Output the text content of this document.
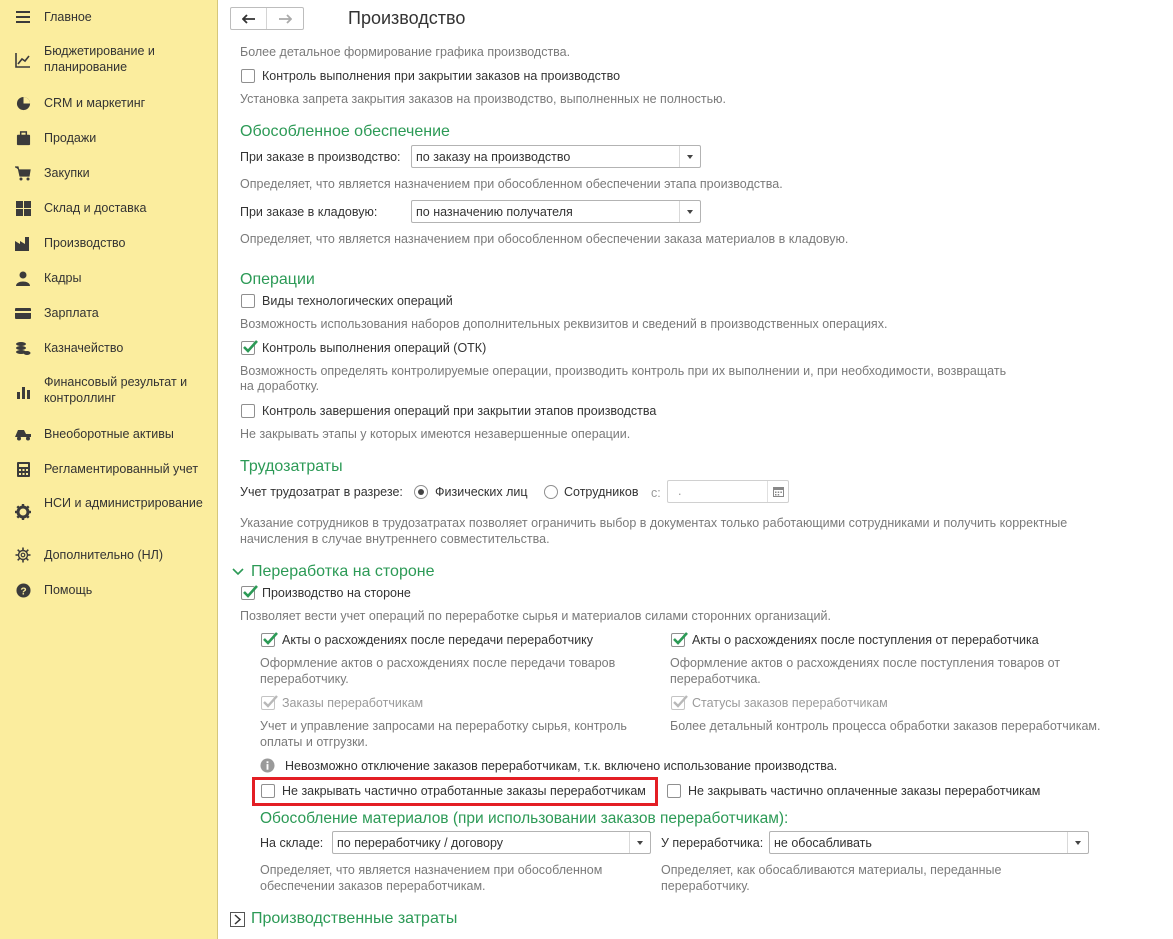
Главное
Бюджетирование и планирование
CRM и маркетинг
Продажи
Закупки
Склад и доставка
Производство
Кадры
Зарплата
Казначейство
Финансовый результат и контроллинг
Внеоборотные активы
Регламентированный учет
НСИ и администрирование
Дополнительно (НЛ)
? Помощь
Производство
Более детальное формирование графика производства.
Контроль выполнения при закрытии заказов на производство
Установка запрета закрытия заказов на производство, выполненных не полностью.
Обособленное обеспечение
При заказе в производство: по заказу на производство
Определяет, что является назначением при обособленном обеспечении этапа производства.
При заказе в кладовую:	по назначению получателя
Определяет, что является назначением при обособленном обеспечении заказа материалов в кладовую.
Операции
Виды технологических операций
Возможность использования наборов дополнительных реквизитов и сведений в производственных операциях.
Контроль выполнения операций (ОТК)
Возможность определять контролируемые операции, производить контроль при их выполнении и, при необходимости, возвращать
на доработку.
Контроль завершения операций при закрытии этапов производства
Не закрывать этапы у которых имеются незавершенные операции.
Трудозатраты
Учет трудозатрат в разрезе:	Физических лиц	Сотрудников с: .
Указание сотрудников в трудозатратах позволяет ограничить выбор в документах только работающими сотрудниками и получить корректные
начисления в случае внутреннего совместительства.
Переработка на стороне
Производство на стороне
Позволяет вести учет операций по переработке сырья и материалов силами сторонних организаций.
Акты о расхождениях после передачи переработчику
Оформление актов о расхождениях после передачи товаров
переработчику.
Акты о расхождениях после поступления от переработчика
Оформление актов о расхождениях после поступления товаров от
переработчика.
Заказы переработчикам
Учет и управление запросами на переработку сырья, контроль
оплаты и отгрузки.
Статусы заказов переработчикам
Более детальный контроль процесса обработки заказов переработчикам.
Невозможно отключение заказов переработчикам, т.к. включено использование производства.
Не закрывать частично отработанные заказы переработчикам	Не закрывать частично оплаченные заказы переработчикам
Обособление материалов (при использовании заказов переработчикам):
На складе: по переработчику / договору	У переработчика: не обосабливать
Определяет, что является назначением при обособленном
обеспечении заказов переработчикам.
Определяет, как обосабливаются материалы, переданные
переработчику.
Производственные затраты
